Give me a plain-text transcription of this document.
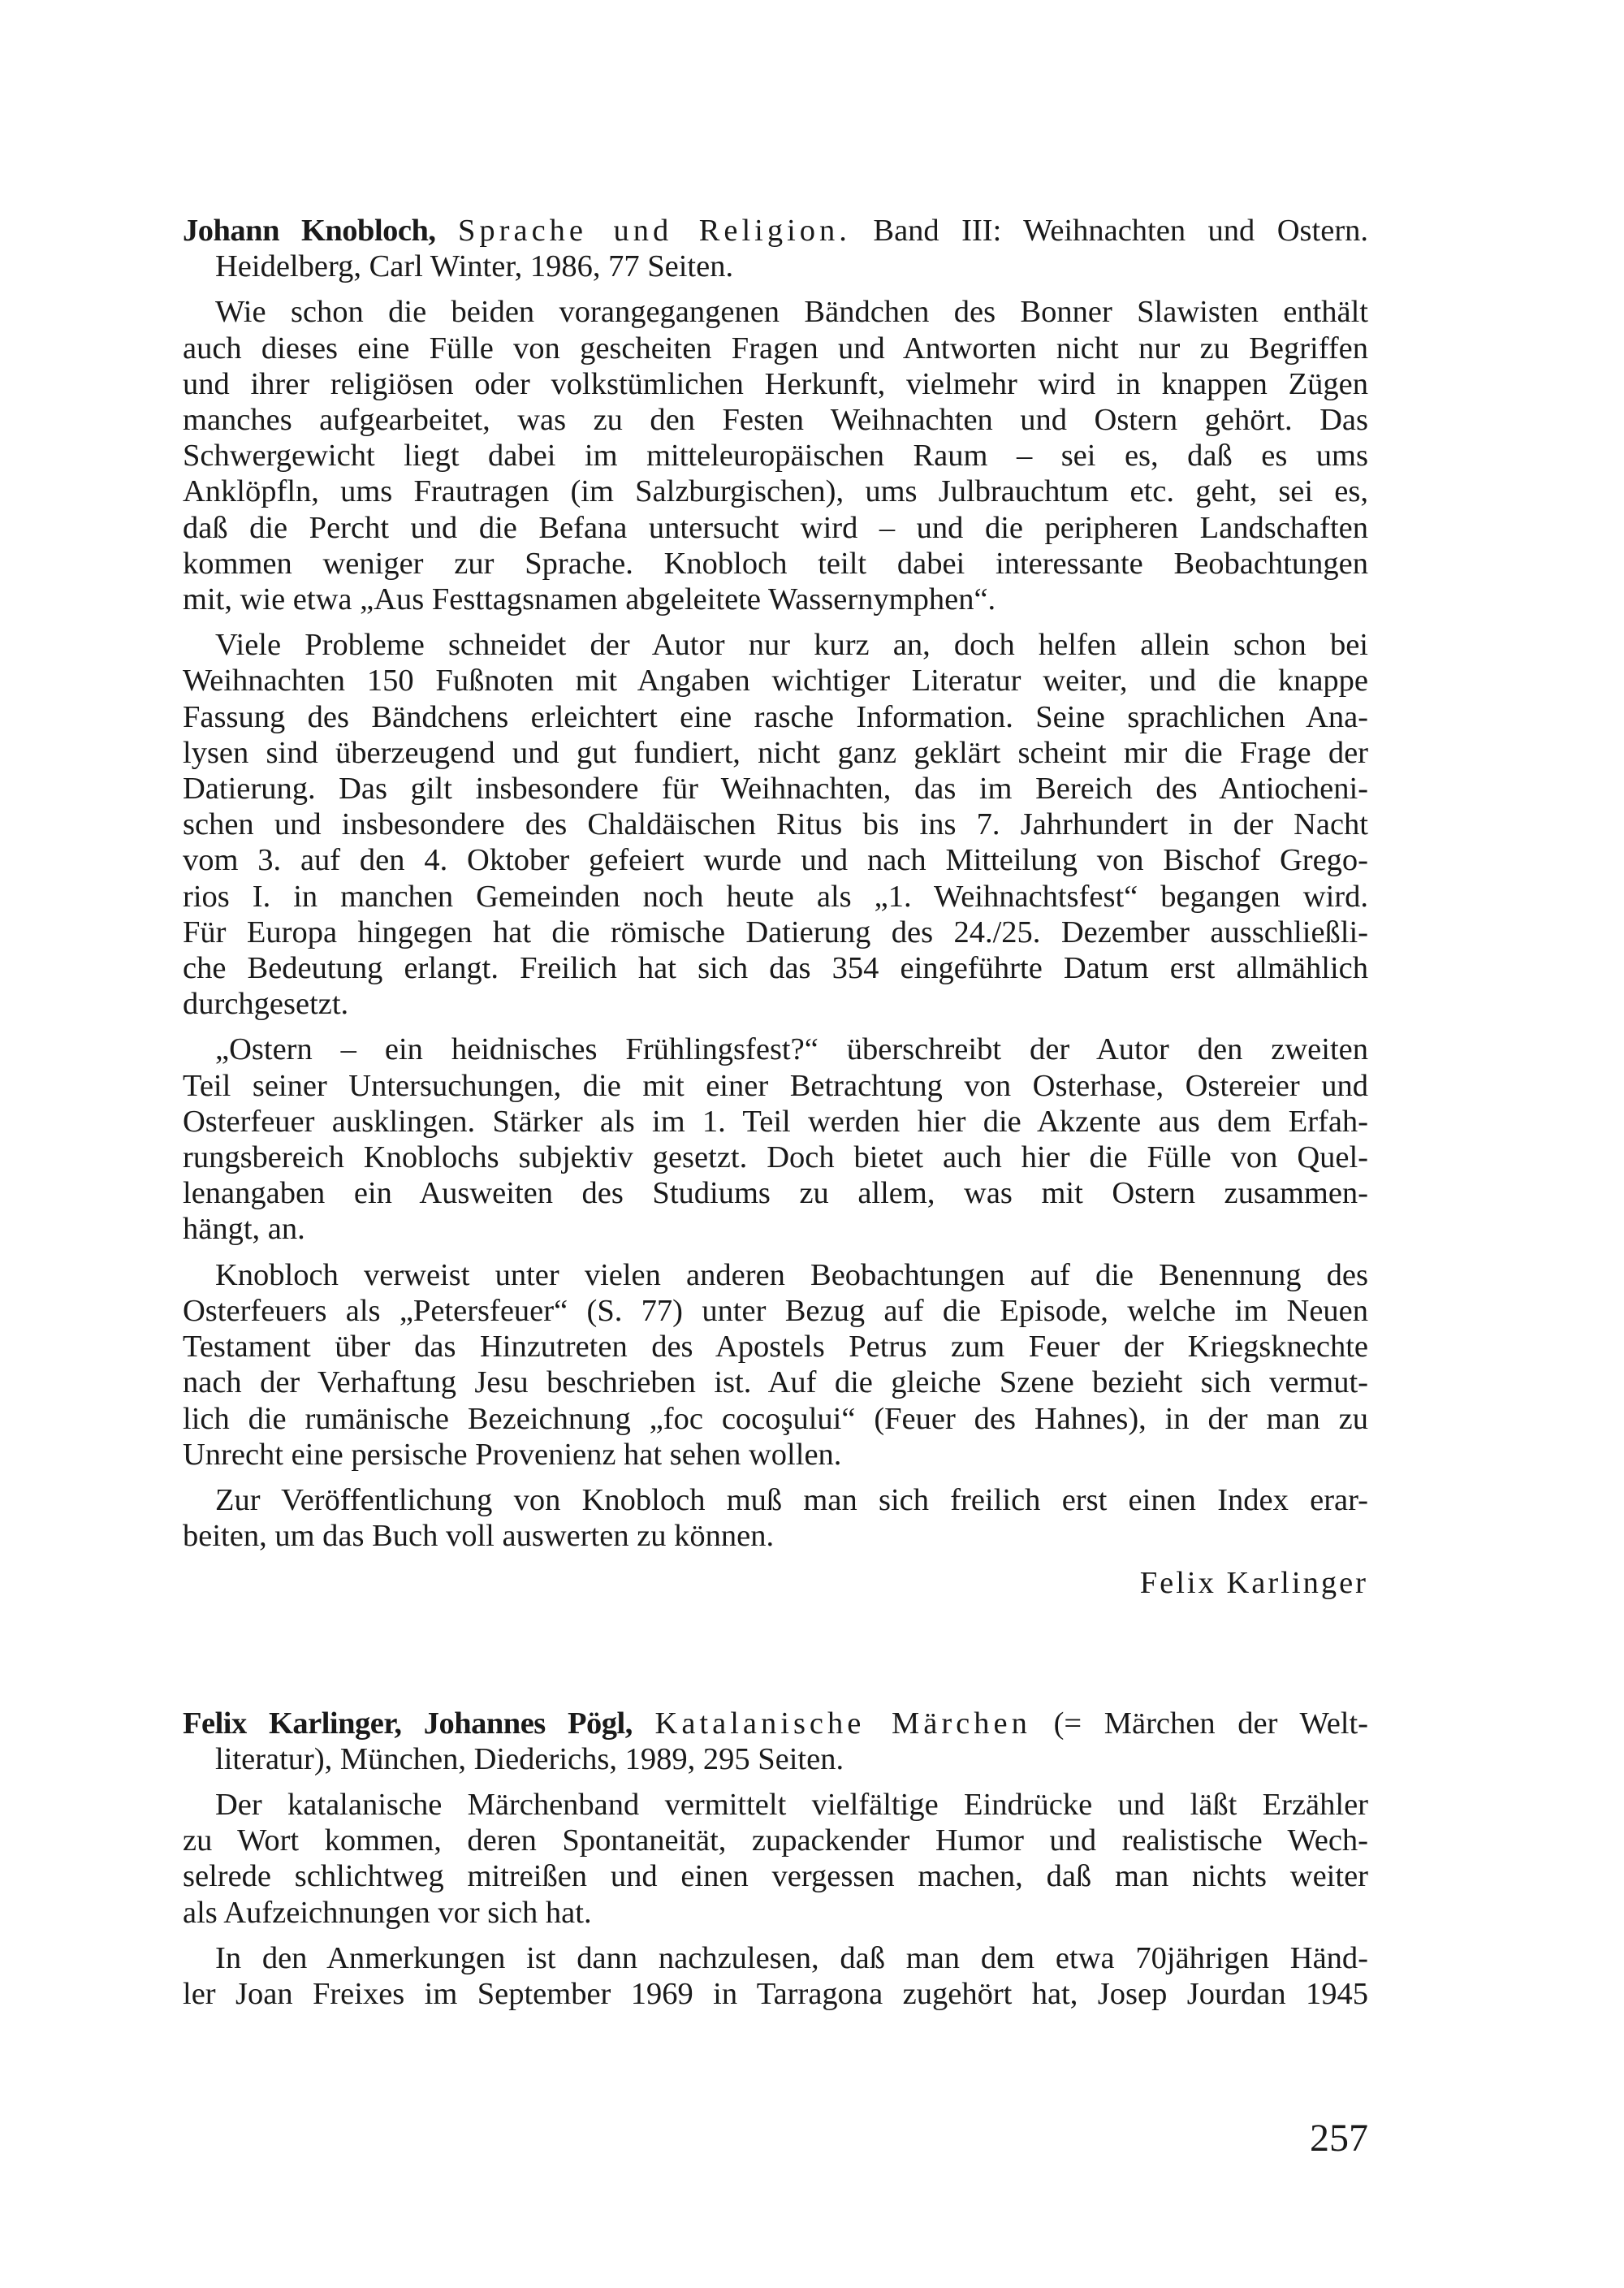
Johann Knobloch, Sprache und Religion. Band III: Weihnachten und Ostern.
Heidelberg, Carl Winter, 1986, 77 Seiten.
Wie schon die beiden vorangegangenen Bändchen des Bonner Slawisten enthält
auch dieses eine Fülle von gescheiten Fragen und Antworten nicht nur zu Begriffen
und ihrer religiösen oder volkstümlichen Herkunft, vielmehr wird in knappen Zügen
manches aufgearbeitet, was zu den Festen Weihnachten und Ostern gehört. Das
Schwergewicht liegt dabei im mitteleuropäischen Raum – sei es, daß es ums
Anklöpfln, ums Frautragen (im Salzburgischen), ums Julbrauchtum etc. geht, sei es,
daß die Percht und die Befana untersucht wird – und die peripheren Landschaften
kommen weniger zur Sprache. Knobloch teilt dabei interessante Beobachtungen
mit, wie etwa „Aus Festtagsnamen abgeleitete Wassernymphen“.
Viele Probleme schneidet der Autor nur kurz an, doch helfen allein schon bei
Weihnachten 150 Fußnoten mit Angaben wichtiger Literatur weiter, und die knappe
Fassung des Bändchens erleichtert eine rasche Information. Seine sprachlichen Ana-
lysen sind überzeugend und gut fundiert, nicht ganz geklärt scheint mir die Frage der
Datierung. Das gilt insbesondere für Weihnachten, das im Bereich des Antiocheni-
schen und insbesondere des Chaldäischen Ritus bis ins 7. Jahrhundert in der Nacht
vom 3. auf den 4. Oktober gefeiert wurde und nach Mitteilung von Bischof Grego-
rios I. in manchen Gemeinden noch heute als „1. Weihnachtsfest“ begangen wird.
Für Europa hingegen hat die römische Datierung des 24./25. Dezember ausschließli-
che Bedeutung erlangt. Freilich hat sich das 354 eingeführte Datum erst allmählich
durchgesetzt.
„Ostern – ein heidnisches Frühlingsfest?“ überschreibt der Autor den zweiten
Teil seiner Untersuchungen, die mit einer Betrachtung von Osterhase, Ostereier und
Osterfeuer ausklingen. Stärker als im 1. Teil werden hier die Akzente aus dem Erfah-
rungsbereich Knoblochs subjektiv gesetzt. Doch bietet auch hier die Fülle von Quel-
lenangaben ein Ausweiten des Studiums zu allem, was mit Ostern zusammen-
hängt, an.
Knobloch verweist unter vielen anderen Beobachtungen auf die Benennung des
Osterfeuers als „Petersfeuer“ (S. 77) unter Bezug auf die Episode, welche im Neuen
Testament über das Hinzutreten des Apostels Petrus zum Feuer der Kriegsknechte
nach der Verhaftung Jesu beschrieben ist. Auf die gleiche Szene bezieht sich vermut-
lich die rumänische Bezeichnung „foc cocoşului“ (Feuer des Hahnes), in der man zu
Unrecht eine persische Provenienz hat sehen wollen.
Zur Veröffentlichung von Knobloch muß man sich freilich erst einen Index erar-
beiten, um das Buch voll auswerten zu können.
Felix Karlinger
Felix Karlinger, Johannes Pögl, Katalanische Märchen (= Märchen der Welt-
literatur), München, Diederichs, 1989, 295 Seiten.
Der katalanische Märchenband vermittelt vielfältige Eindrücke und läßt Erzähler
zu Wort kommen, deren Spontaneität, zupackender Humor und realistische Wech-
selrede schlichtweg mitreißen und einen vergessen machen, daß man nichts weiter
als Aufzeichnungen vor sich hat.
In den Anmerkungen ist dann nachzulesen, daß man dem etwa 70jährigen Händ-
ler Joan Freixes im September 1969 in Tarragona zugehört hat, Josep Jourdan 1945
257
